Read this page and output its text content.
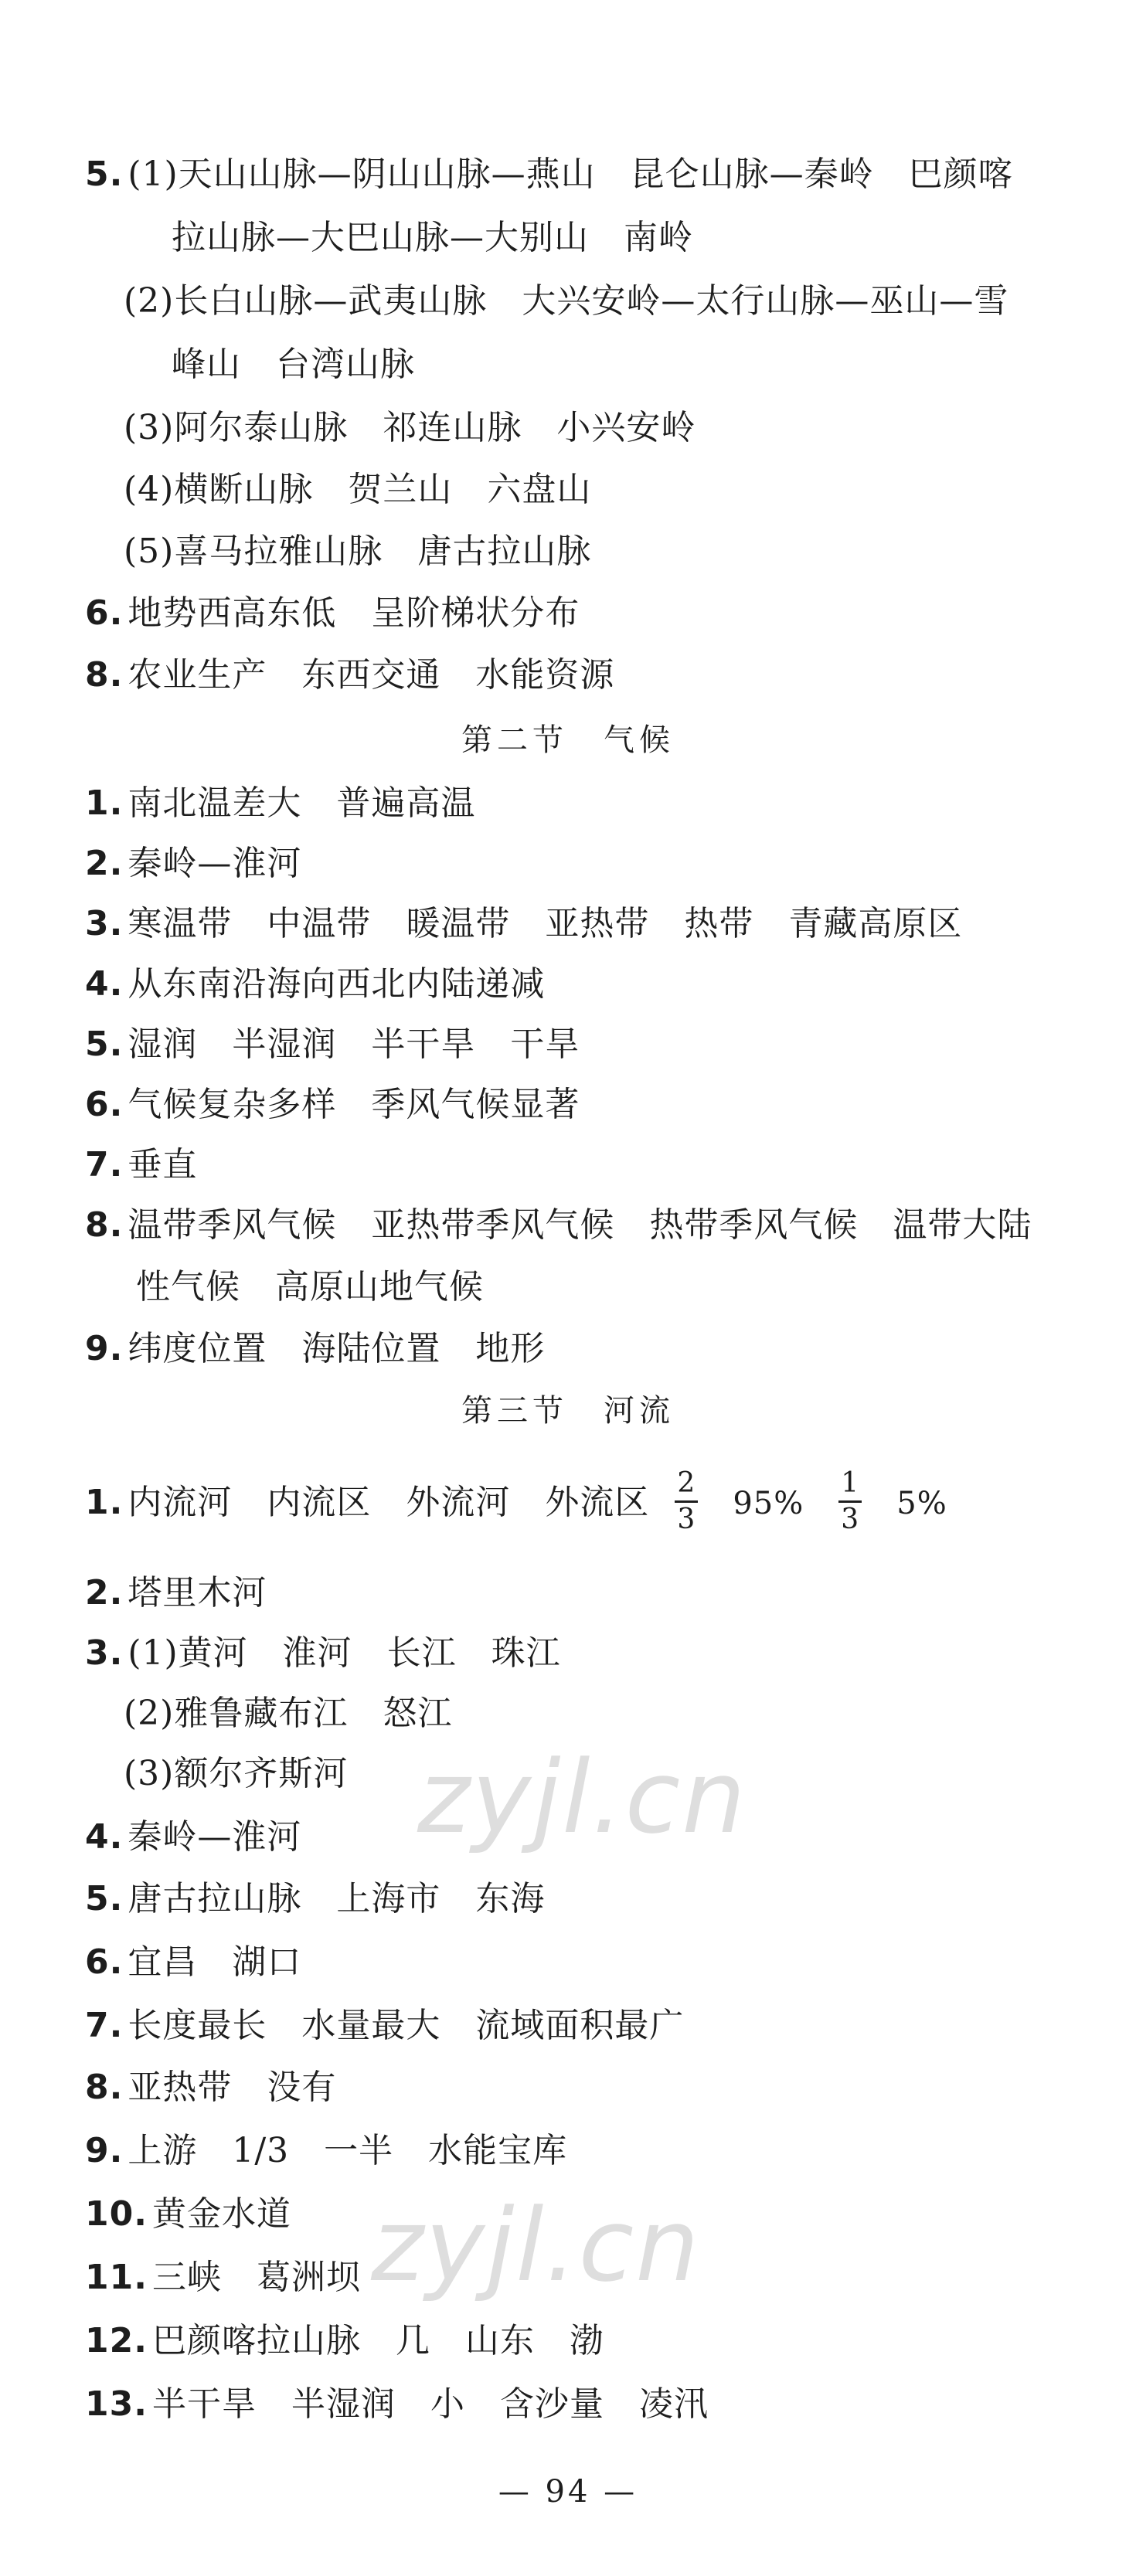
5. (1)天山山脉—阴山山脉—燕山　昆仑山脉—秦岭　巴颜喀
拉山脉—大巴山脉—大别山　南岭
(2)长白山脉—武夷山脉　大兴安岭—太行山脉—巫山—雪
峰山　台湾山脉
(3)阿尔泰山脉　祁连山脉　小兴安岭
(4)横断山脉　贺兰山　六盘山
(5)喜马拉雅山脉　唐古拉山脉
6. 地势西高东低　呈阶梯状分布
8. 农业生产　东西交通　水能资源
第二节　气候
1. 南北温差大　普遍高温
2. 秦岭—淮河
3. 寒温带　中温带　暖温带　亚热带　热带　青藏高原区
4. 从东南沿海向西北内陆递减
5. 湿润　半湿润　半干旱　干旱
6. 气候复杂多样　季风气候显著
7. 垂直
8. 温带季风气候　亚热带季风气候　热带季风气候　温带大陆
性气候　高原山地气候
9. 纬度位置　海陆位置　地形
第三节　河流
1. 内流河　内流区　外流河　外流区 $\frac{2}{3} 95\% \frac{1}{3} 5\%$
2. 塔里木河
3. (1)黄河　淮河　长江　珠江
(2)雅鲁藏布江　怒江
(3)额尔齐斯河
4. 秦岭—淮河
5. 唐古拉山脉　上海市　东海
6. 宜昌　湖口
7. 长度最长　水量最大　流域面积最广
8. 亚热带　没有
9. 上游　1/3　一半　水能宝库
10. 黄金水道
11. 三峡　葛洲坝
12. 巴颜喀拉山脉　几　山东　渤
13. 半干旱　半湿润　小　含沙量　凌汛
zyjl.cn
zyjl.cn
— 94 —
